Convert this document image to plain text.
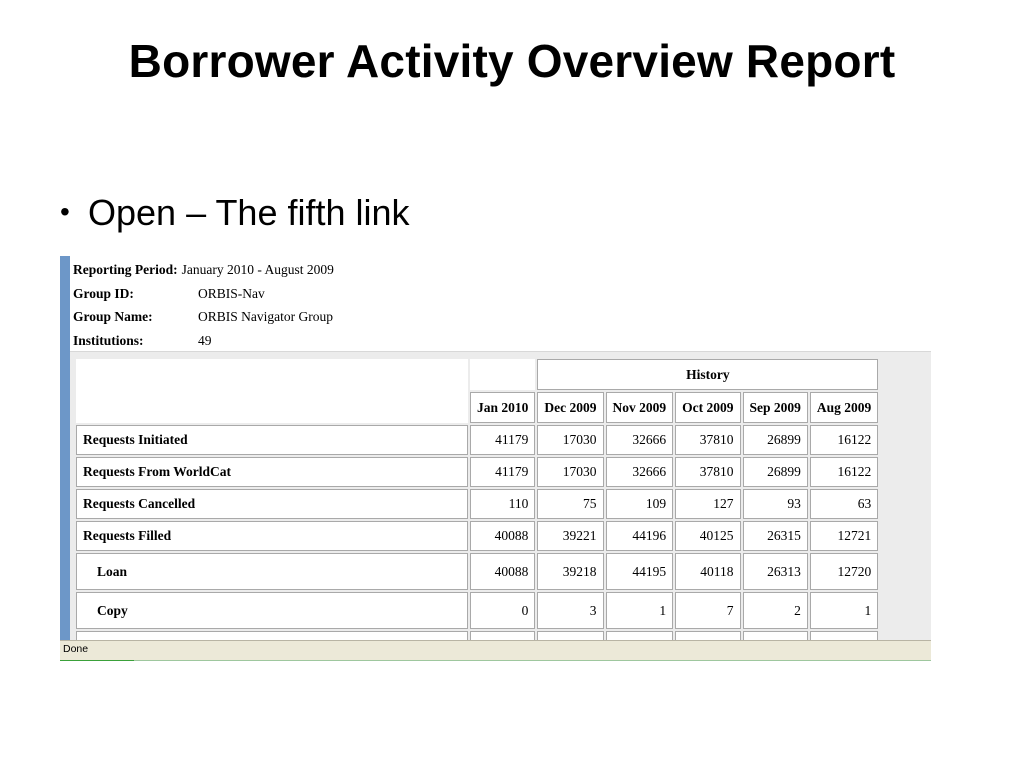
Borrower Activity Overview Report
• Open – The fifth link
Reporting Period: January 2010 - August 2009
Group ID:	ORBIS-Nav
Group Name:	ORBIS Navigator Group
Institutions:	49
		History				
	Jan 2010	Dec 2009	Nov 2009	Oct 2009	Sep 2009	Aug 2009
Requests Initiated	41179	17030	32666	37810	26899	16122
Requests From WorldCat	41179	17030	32666	37810	26899	16122
Requests Cancelled	110	75	109	127	93	63
Requests Filled	40088	39221	44196	40125	26315	12721
Loan	40088	39218	44195	40118	26313	12720
Copy	0	3	1	7	2	1

Done
